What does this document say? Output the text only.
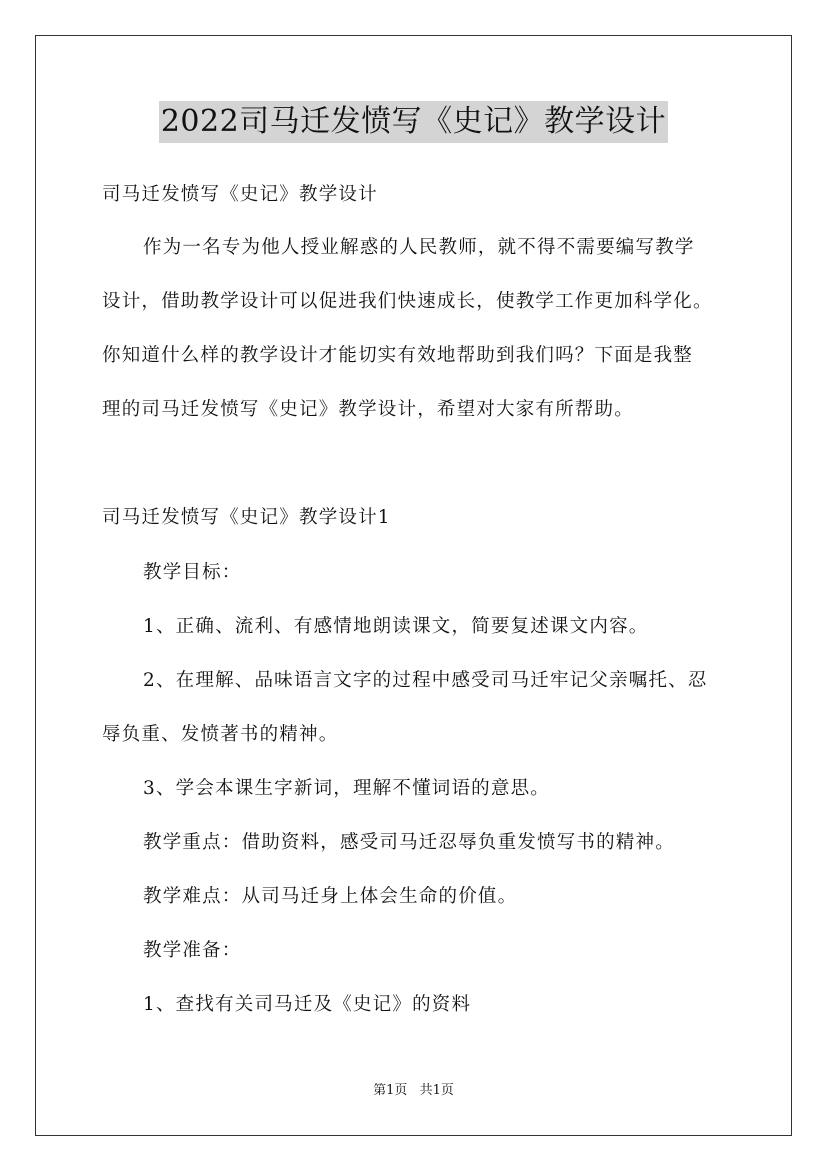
2022司马迁发愤写《史记》教学设计
司马迁发愤写《史记》教学设计
作为一名专为他人授业解惑的人民教师，就不得不需要编写教学
设计，借助教学设计可以促进我们快速成长，使教学工作更加科学化。
你知道什么样的教学设计才能切实有效地帮助到我们吗？下面是我整
理的司马迁发愤写《史记》教学设计，希望对大家有所帮助。
司马迁发愤写《史记》教学设计1
教学目标：
1、正确、流利、有感情地朗读课文，简要复述课文内容。
2、在理解、品味语言文字的过程中感受司马迁牢记父亲嘱托、忍
辱负重、发愤著书的精神。
3、学会本课生字新词，理解不懂词语的意思。
教学重点：借助资料，感受司马迁忍辱负重发愤写书的精神。
教学难点：从司马迁身上体会生命的价值。
教学准备：
1、查找有关司马迁及《史记》的资料
第1页 共1页
